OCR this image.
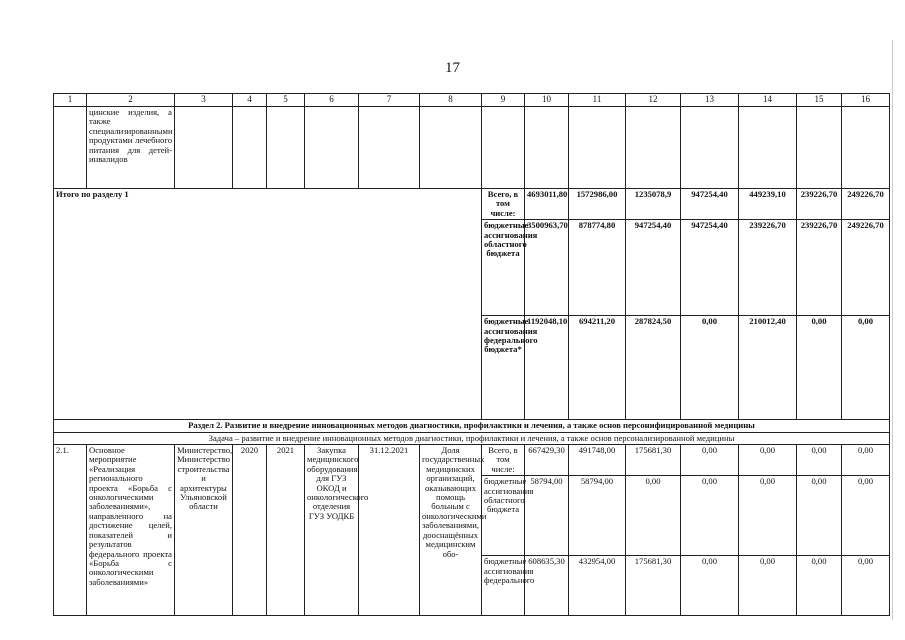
17
1	2	3	4	5	6	7	8	9	10	11	12	13	14	15	16
	цинские изделия, а также специализированными продуктами лечебного питания для детей-инвалидов														
Итого по разделу 1								Всего, в том числе:	4693011,80	1572986,00	1235078,9	947254,40	449239,10	239226,70	249226,70
								бюджетные ассигнования областного бюджета	3500963,70	878774,80	947254,40	947254,40	239226,70	239226,70	249226,70
								бюджетные ассигнования федерального бюджета*	1192048,10	694211,20	287824,50	0,00	210012,40	0,00	0,00
Раздел 2. Развитие и внедрение инновационных методов диагностики, профилактики и лечения, а также основ персонифицированной медицины															
Задача – развитие и внедрение инновационных методов диагностики, профилактики и лечения, а также основ персонализированной медицины															
2.1.	Основное мероприятие «Реализация регионального проекта «Борьба с онкологическими заболеваниями», направленного на достижение целей, показателей и результатов федерального проекта «Борьба с онкологическими заболеваниями»	Министерство, Министерство строительства и архитектуры Ульяновской области	2020	2021	Закупка медицинского оборудования для ГУЗ ОКОД и онкологического отделения ГУЗ УОДКБ	31.12.2021	Доля государственных медицинских организаций, оказывающих помощь больным с онкологическими заболеваниями, дооснащённых медицинским обо-	Всего, в том числе:	667429,30	491748,00	175681,30	0,00	0,00	0,00	0,00
								бюджетные ассигнования областного бюджета	58794,00	58794,00	0,00	0,00	0,00	0,00	0,00
								бюджетные ассигнования федерального	608635,30	432954,00	175681,30	0,00	0,00	0,00	0,00
